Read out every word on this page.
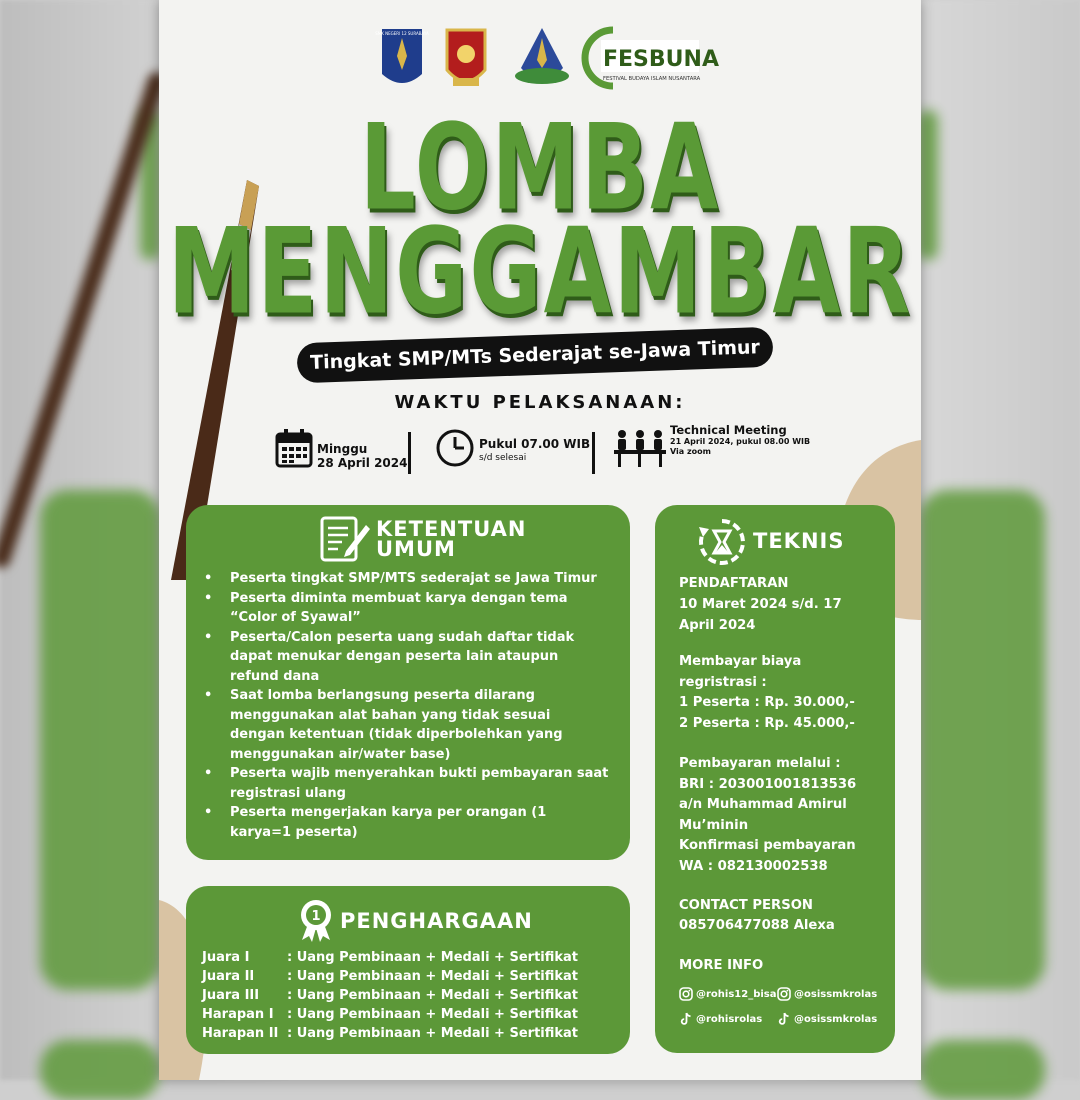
SMK NEGERI 12 SURABAYA
FESBUNA
FESTIVAL BUDAYA ISLAM NUSANTARA
LOMBA
MENGGAMBAR
Tingkat SMP/MTs Sederajat se-Jawa Timur
WAKTU PELAKSANAAN:
Minggu
28 April 2024
Pukul 07.00 WIB
s/d selesai
Technical Meeting
21 April 2024, pukul 08.00 WIB
Via zoom
KETENTUAN
UMUM
• Peserta tingkat SMP/MTS sederajat se Jawa Timur
• Peserta diminta membuat karya dengan tema “Color of Syawal”
• Peserta/Calon peserta uang sudah daftar tidak dapat menukar dengan peserta lain ataupun refund dana
• Saat lomba berlangsung peserta dilarang menggunakan alat bahan yang tidak sesuai dengan ketentuan (tidak diperbolehkan yang menggunakan air/water base)
• Peserta wajib menyerahkan bukti pembayaran saat registrasi ulang
• Peserta mengerjakan karya per orangan (1 karya=1 peserta)
1 PENGHARGAAN
Juara I	: Uang Pembinaan + Medali + Sertifikat
Juara II	: Uang Pembinaan + Medali + Sertifikat
Juara III : Uang Pembinaan + Medali + Sertifikat
Harapan I : Uang Pembinaan + Medali + Sertifikat
Harapan II : Uang Pembinaan + Medali + Sertifikat
TEKNIS
PENDAFTARAN
10 Maret 2024 s/d. 17
April 2024
Membayar biaya
regristrasi :
1 Peserta : Rp. 30.000,-
2 Peserta : Rp. 45.000,-
Pembayaran melalui :
BRI : 203001001813536
a/n Muhammad Amirul
Mu’minin
Konfirmasi pembayaran
WA : 082130002538
CONTACT PERSON
085706477088 Alexa
MORE INFO
@rohis12_bisa	@osissmkrolas
@rohisrolas	@osissmkrolas
